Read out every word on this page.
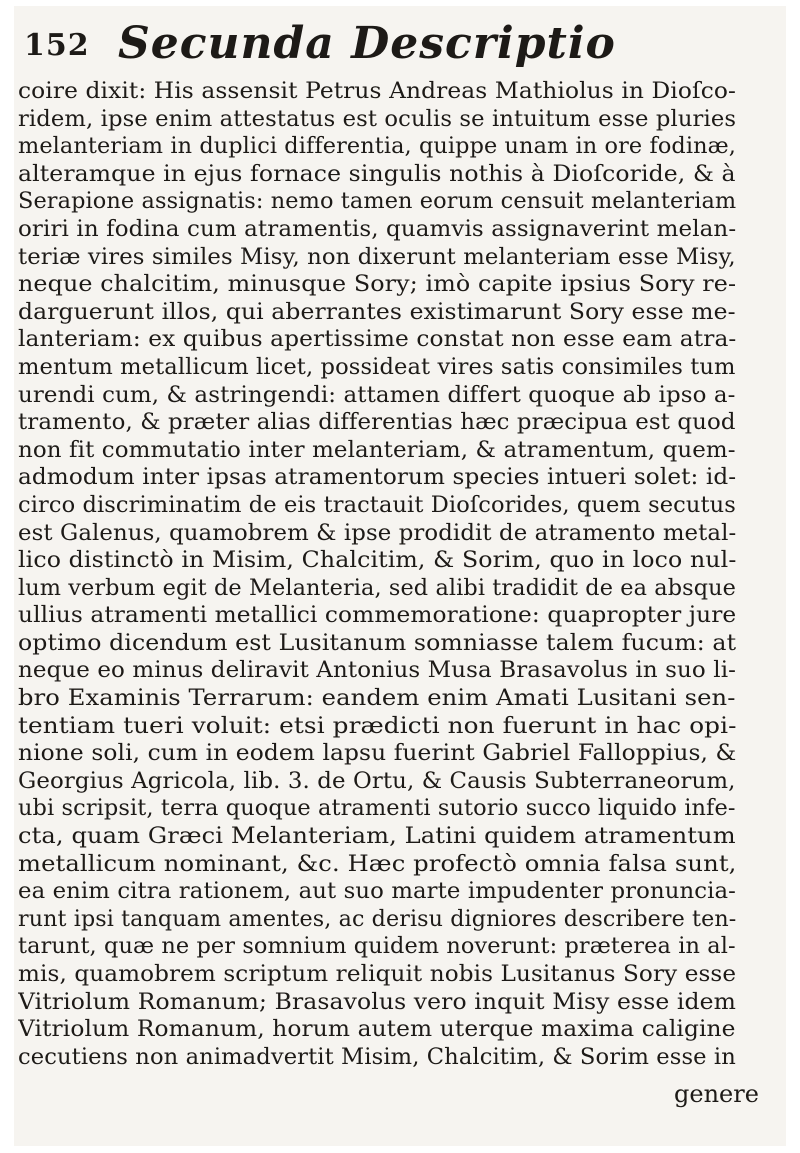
152 Secunda Descriptio
coire dixit: His assensit Petrus Andreas Mathiolus in Dioſco-
ridem, ipse enim attestatus est oculis se intuitum esse pluries
melanteriam in duplici differentia, quippe unam in ore fodinæ,
alteramque in ejus fornace singulis nothis à Dioſcoride, & à
Serapione assignatis: nemo tamen eorum censuit melanteriam
oriri in fodina cum atramentis, quamvis assignaverint melan-
teriæ vires similes Misy, non dixerunt melanteriam esse Misy,
neque chalcitim, minusque Sory; imò capite ipsius Sory re-
darguerunt illos, qui aberrantes existimarunt Sory esse me-
lanteriam: ex quibus apertissime constat non esse eam atra-
mentum metallicum licet, possideat vires satis consimiles tum
urendi cum, & astringendi: attamen differt quoque ab ipso a-
tramento, & præter alias differentias hæc præcipua est quod
non fit commutatio inter melanteriam, & atramentum, quem-
admodum inter ipsas atramentorum species intueri solet: id-
circo discriminatim de eis tractauit Dioſcorides, quem secutus
est Galenus, quamobrem & ipse prodidit de atramento metal-
lico distinctò in Misim, Chalcitim, & Sorim, quo in loco nul-
lum verbum egit de Melanteria, sed alibi tradidit de ea absque
ullius atramenti metallici commemoratione: quapropter jure
optimo dicendum est Lusitanum somniasse talem fucum: at
neque eo minus deliravit Antonius Musa Brasavolus in suo li-
bro Examinis Terrarum: eandem enim Amati Lusitani sen-
tentiam tueri voluit: etsi prædicti non fuerunt in hac opi-
nione soli, cum in eodem lapsu fuerint Gabriel Falloppius, &
Georgius Agricola, lib. 3. de Ortu, & Causis Subterraneorum,
ubi scripsit, terra quoque atramenti sutorio succo liquido infe-
cta, quam Græci Melanteriam, Latini quidem atramentum
metallicum nominant, &c. Hæc profectò omnia falsa sunt,
ea enim citra rationem, aut suo marte impudenter pronuncia-
runt ipsi tanquam amentes, ac derisu digniores describere ten-
tarunt, quæ ne per somnium quidem noverunt: præterea in al-
mis, quamobrem scriptum reliquit nobis Lusitanus Sory esse
Vitriolum Romanum; Brasavolus vero inquit Misy esse idem
Vitriolum Romanum, horum autem uterque maxima caligine
cecutiens non animadvertit Misim, Chalcitim, & Sorim esse in
genere
